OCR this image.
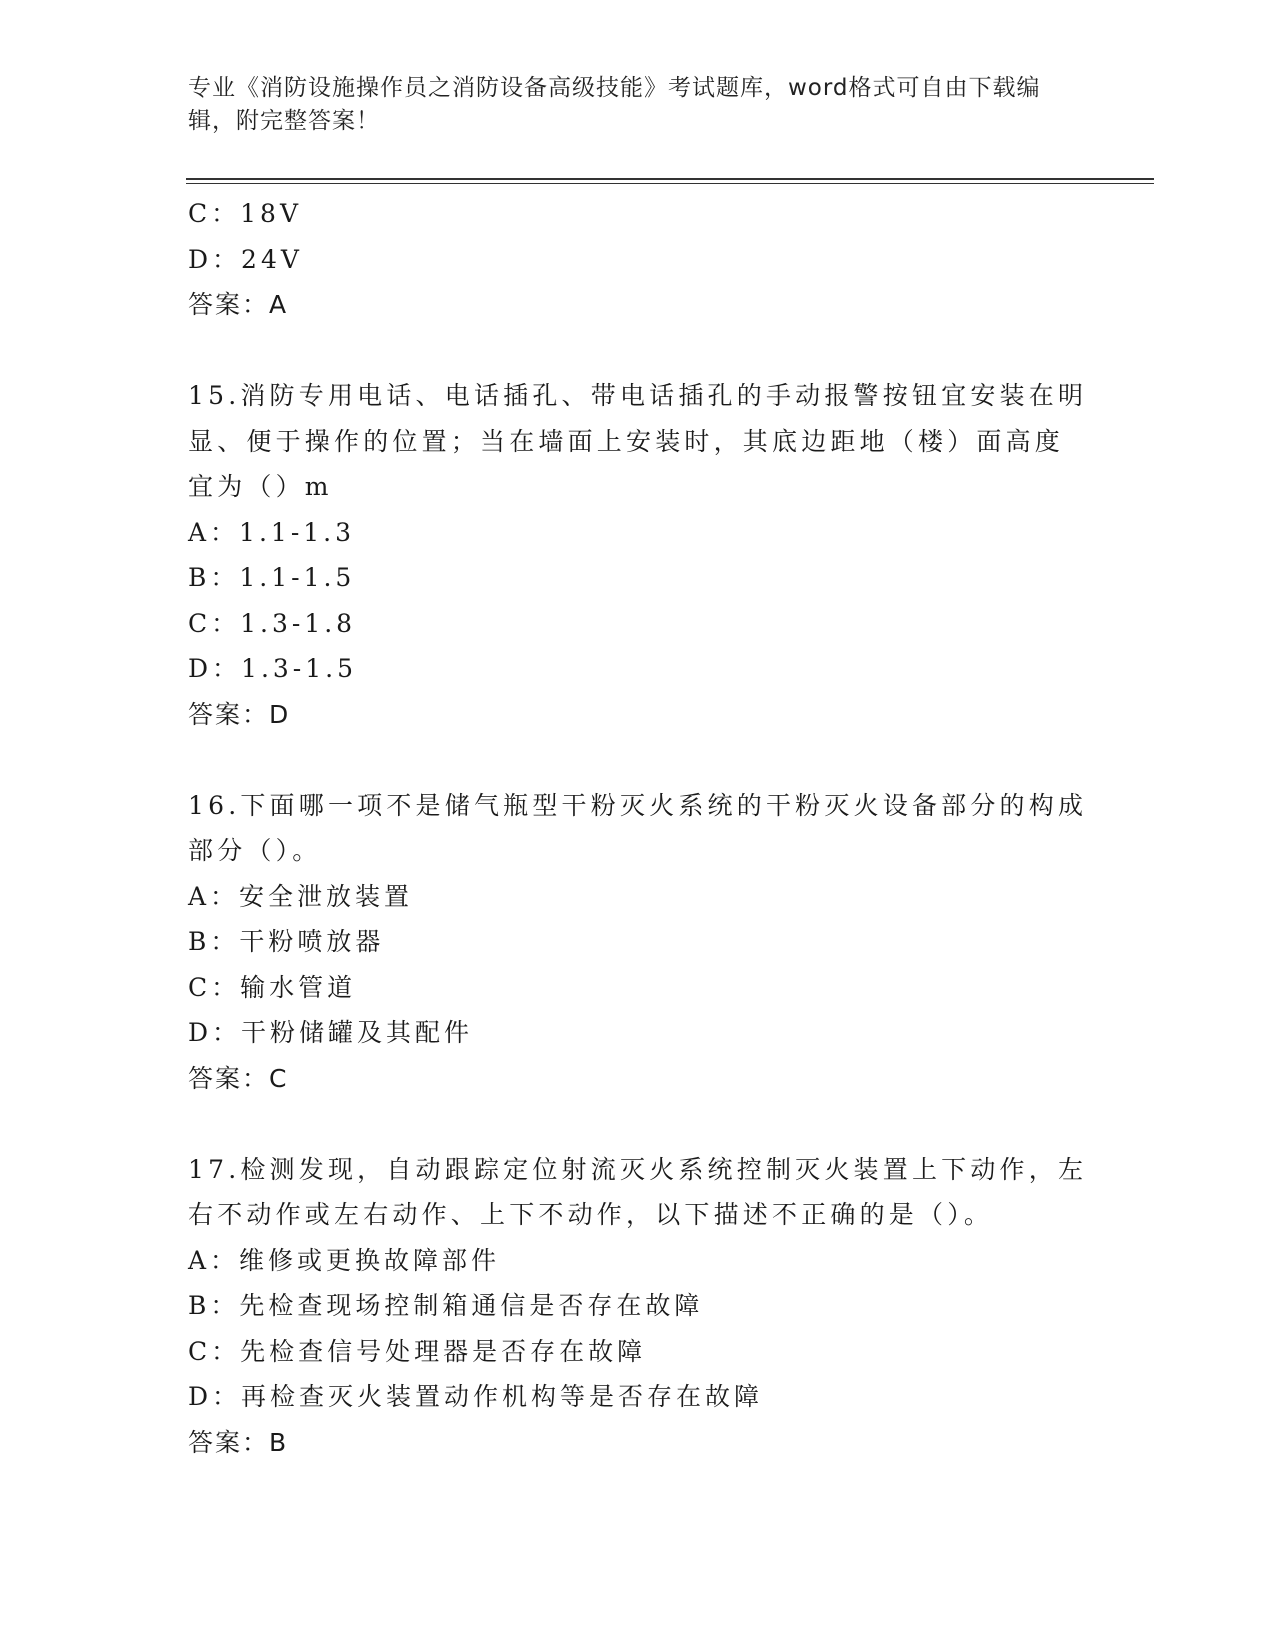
专业《消防设施操作员之消防设备高级技能》考试题库，word格式可自由下载编
辑，附完整答案！
C：18V
D：24V
答案：A
15.消防专用电话、电话插孔、带电话插孔的手动报警按钮宜安装在明
显、便于操作的位置；当在墙面上安装时，其底边距地（楼）面高度
宜为（）m
A：1.1-1.3
B：1.1-1.5
C：1.3-1.8
D：1.3-1.5
答案：D
16.下面哪一项不是储气瓶型干粉灭火系统的干粉灭火设备部分的构成
部分（）。
A：安全泄放装置
B：干粉喷放器
C：输水管道
D：干粉储罐及其配件
答案：C
17.检测发现，自动跟踪定位射流灭火系统控制灭火装置上下动作，左
右不动作或左右动作、上下不动作，以下描述不正确的是（）。
A：维修或更换故障部件
B：先检查现场控制箱通信是否存在故障
C：先检查信号处理器是否存在故障
D：再检查灭火装置动作机构等是否存在故障
答案：B
